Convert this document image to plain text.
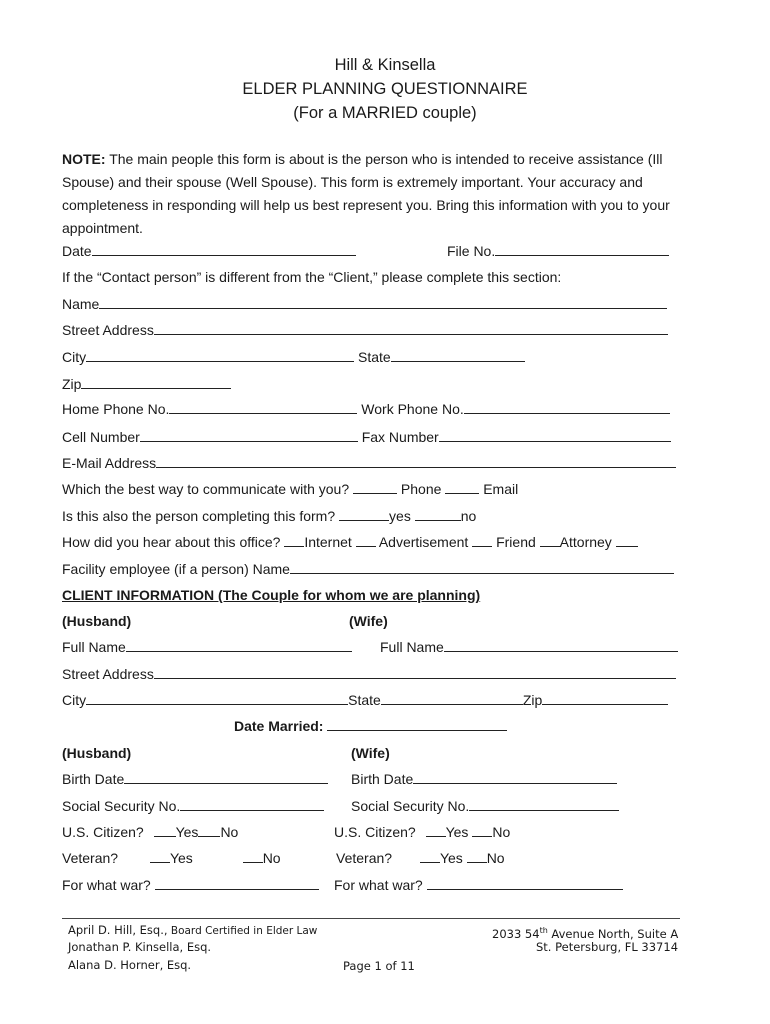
Hill & Kinsella
ELDER PLANNING QUESTIONNAIRE
(For a MARRIED couple)
NOTE: The main people this form is about is the person who is intended to receive assistance (Ill Spouse) and their spouse (Well Spouse). This form is extremely important. Your accuracy and completeness in responding will help us best represent you. Bring this information with you to your appointment.
Date	File No.
If the “Contact person” is different from the “Client,” please complete this section:
Name
Street Address
City	State
Zip
Home Phone No.	Work Phone No.
Cell Number	Fax Number
E-Mail Address
Which the best way to communicate with you?	Phone	Email
Is this also the person completing this form?	yes	no
How did you hear about this office? Internet Advertisement Friend Attorney
Facility employee (if a person) Name
CLIENT INFORMATION (The Couple for whom we are planning)
(Husband)	(Wife)
Full Name	Full Name
Street Address
City	State	Zip
Date Married:
(Husband)	(Wife)
Birth Date	Birth Date
Social Security No.	Social Security No.
U.S. Citizen? Yes No	U.S. Citizen? Yes No
Veteran?	Yes	No	Veteran?	Yes No
For what war?	For what war?
April D. Hill, Esq., Board Certified in Elder Law
Jonathan P. Kinsella, Esq.
Alana D. Horner, Esq.	Page 1 of 11
2033 54th Avenue North, Suite A
St. Petersburg, FL 33714
